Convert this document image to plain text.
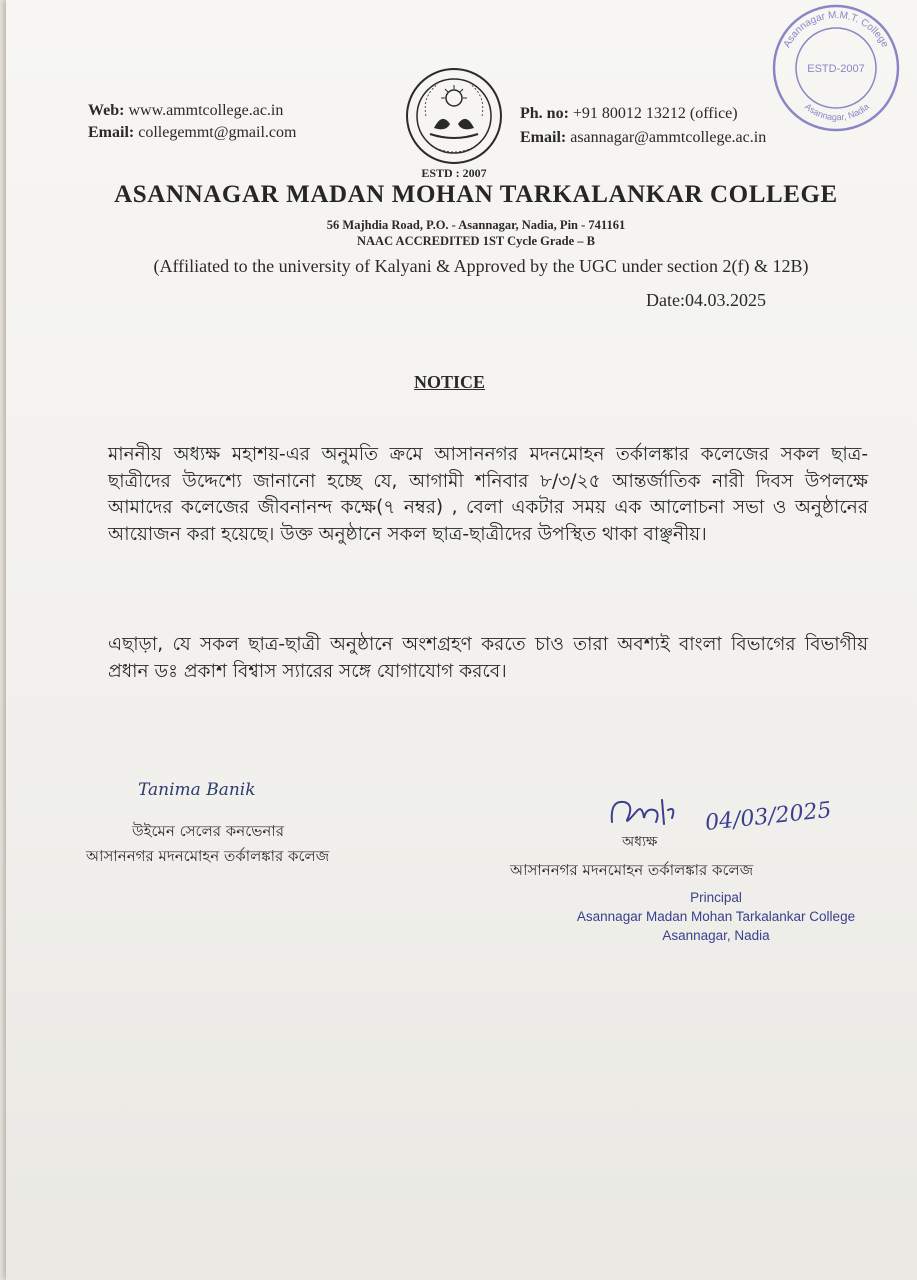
Web: www.ammtcollege.ac.in
Email: collegemmt@gmail.com
ESTD : 2007
Ph. no: +91 80012 13212 (office)
Email: asannagar@ammtcollege.ac.in
Asannagar M.M.T. College
ESTD-2007
Asannagar, Nadia
ASANNAGAR MADAN MOHAN TARKALANKAR COLLEGE
56 Majhdia Road, P.O. - Asannagar, Nadia, Pin - 741161
NAAC ACCREDITED 1ST Cycle Grade – B
(Affiliated to the university of Kalyani & Approved by the UGC under section 2(f) & 12B)
Date:04.03.2025
NOTICE
মাননীয় অধ্যক্ষ মহাশয়-এর অনুমতি ক্রমে আসাননগর মদনমোহন তর্কালঙ্কার কলেজের সকল ছাত্র-ছাত্রীদের উদ্দেশ্যে জানানো হচ্ছে যে, আগামী শনিবার ৮/৩/২৫ আন্তর্জাতিক নারী দিবস উপলক্ষে আমাদের কলেজের জীবনানন্দ কক্ষে(৭ নম্বর) , বেলা একটার সময় এক আলোচনা সভা ও অনুষ্ঠানের আয়োজন করা হয়েছে। উক্ত অনুষ্ঠানে সকল ছাত্র-ছাত্রীদের উপস্থিত থাকা বাঞ্ছনীয়।
এছাড়া, যে সকল ছাত্র-ছাত্রী অনুষ্ঠানে অংশগ্রহণ করতে চাও তারা অবশ্যই বাংলা বিভাগের বিভাগীয় প্রধান ডঃ প্রকাশ বিশ্বাস স্যারের সঙ্গে যোগাযোগ করবে।
Tanima Banik
উইমেন সেলের কনভেনার
আসাননগর মদনমোহন তর্কালঙ্কার কলেজ
04/03/2025
অধ্যক্ষ
আসাননগর মদনমোহন তর্কালঙ্কার কলেজ
Principal
Asannagar Madan Mohan Tarkalankar College
Asannagar, Nadia
